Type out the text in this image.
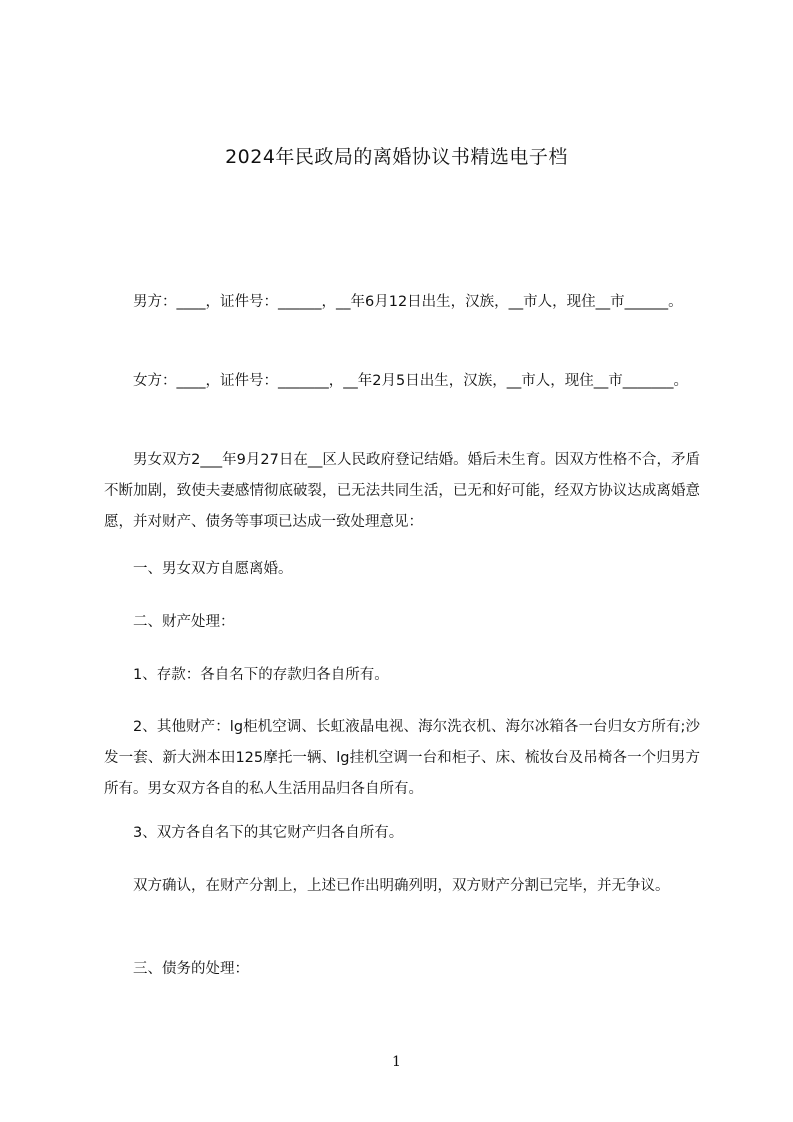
2024年民政局的离婚协议书精选电子档

男方：____，证件号：______，__年6月12日出生，汉族，__市人，现住__市______。

女方：____，证件号：_______，__年2月5日出生，汉族，__市人，现住__市_______。

男女双方2___年9月27日在__区人民政府登记结婚。婚后未生育。因双方性格不合，矛盾不断加剧，致使夫妻感情彻底破裂，已无法共同生活，已无和好可能，经双方协议达成离婚意愿，并对财产、债务等事项已达成一致处理意见：

一、男女双方自愿离婚。

二、财产处理：

1、存款：各自名下的存款归各自所有。

2、其他财产：lg柜机空调、长虹液晶电视、海尔洗衣机、海尔冰箱各一台归女方所有;沙发一套、新大洲本田125摩托一辆、lg挂机空调一台和柜子、床、梳妆台及吊椅各一个归男方所有。男女双方各自的私人生活用品归各自所有。

3、双方各自名下的其它财产归各自所有。

双方确认，在财产分割上，上述已作出明确列明，双方财产分割已完毕，并无争议。

三、债务的处理：

1
